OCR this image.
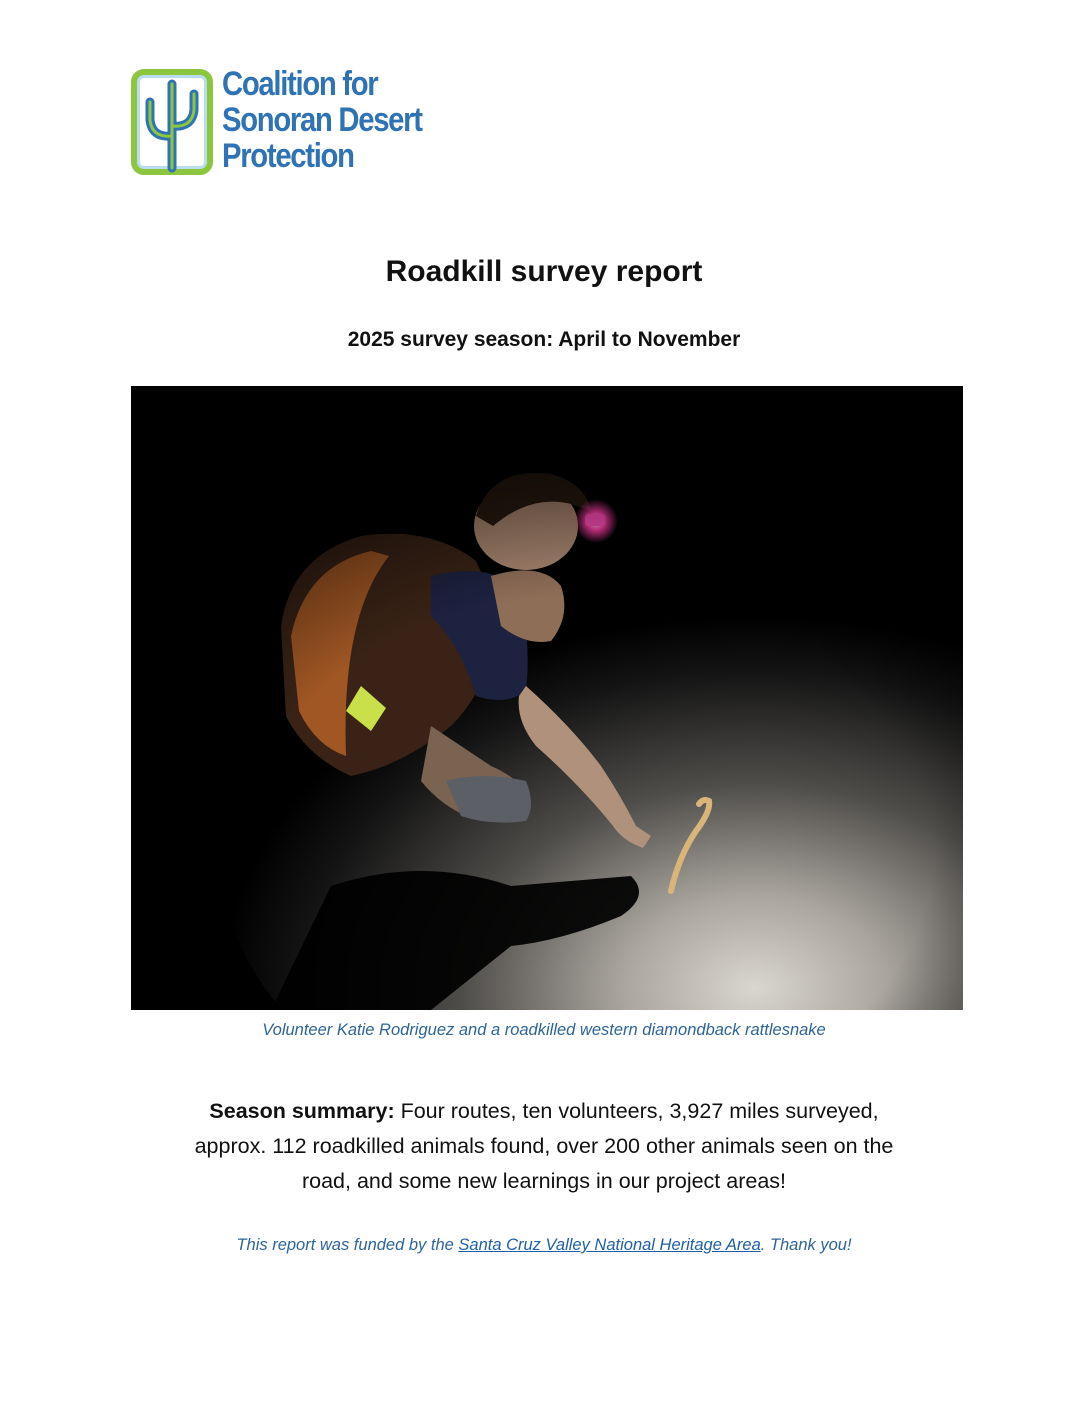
Coalition for
Sonoran Desert
Protection
Roadkill survey report
2025 survey season: April to November
Volunteer Katie Rodriguez and a roadkilled western diamondback rattlesnake
Season summary: Four routes, ten volunteers, 3,927 miles surveyed, approx. 112 roadkilled animals found, over 200 other animals seen on the road, and some new learnings in our project areas!
This report was funded by the Santa Cruz Valley National Heritage Area. Thank you!
